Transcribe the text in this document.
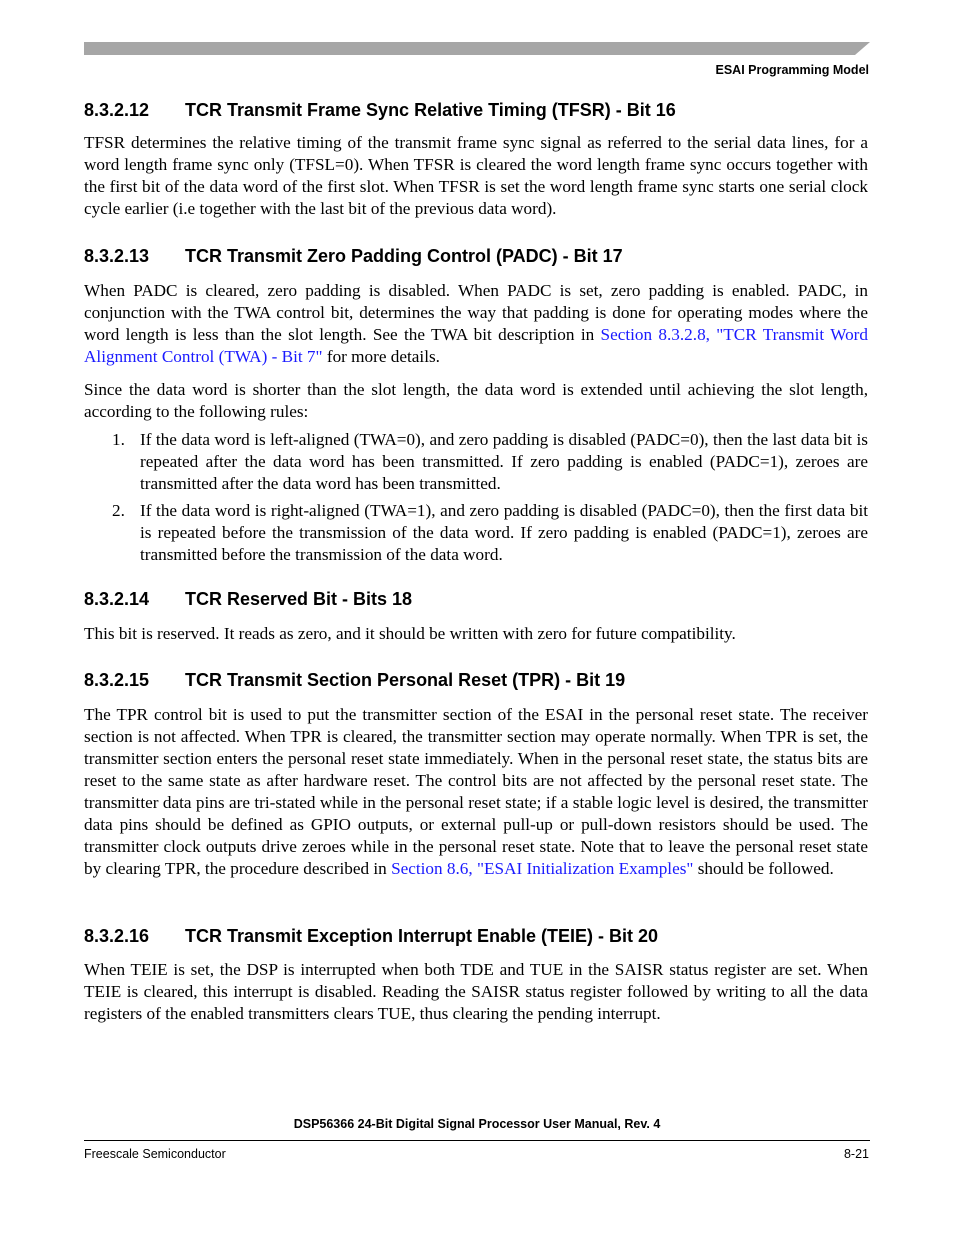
ESAI Programming Model
8.3.2.12 TCR Transmit Frame Sync Relative Timing (TFSR) - Bit 16

TFSR determines the relative timing of the transmit frame sync signal as referred to the serial data lines, for a word length frame sync only (TFSL=0). When TFSR is cleared the word length frame sync occurs together with the first bit of the data word of the first slot. When TFSR is set the word length frame sync starts one serial clock cycle earlier (i.e together with the last bit of the previous data word).

8.3.2.13 TCR Transmit Zero Padding Control (PADC) - Bit 17

When PADC is cleared, zero padding is disabled. When PADC is set, zero padding is enabled. PADC, in conjunction with the TWA control bit, determines the way that padding is done for operating modes where the word length is less than the slot length. See the TWA bit description in Section 8.3.2.8, "TCR Transmit Word Alignment Control (TWA) - Bit 7" for more details.

Since the data word is shorter than the slot length, the data word is extended until achieving the slot length, according to the following rules:

1. If the data word is left-aligned (TWA=0), and zero padding is disabled (PADC=0), then the last data bit is repeated after the data word has been transmitted. If zero padding is enabled (PADC=1), zeroes are transmitted after the data word has been transmitted.
2. If the data word is right-aligned (TWA=1), and zero padding is disabled (PADC=0), then the first data bit is repeated before the transmission of the data word. If zero padding is enabled (PADC=1), zeroes are transmitted before the transmission of the data word.
8.3.2.14 TCR Reserved Bit - Bits 18

This bit is reserved. It reads as zero, and it should be written with zero for future compatibility.

8.3.2.15 TCR Transmit Section Personal Reset (TPR) - Bit 19

The TPR control bit is used to put the transmitter section of the ESAI in the personal reset state. The receiver section is not affected. When TPR is cleared, the transmitter section may operate normally. When TPR is set, the transmitter section enters the personal reset state immediately. When in the personal reset state, the status bits are reset to the same state as after hardware reset. The control bits are not affected by the personal reset state. The transmitter data pins are tri-stated while in the personal reset state; if a stable logic level is desired, the transmitter data pins should be defined as GPIO outputs, or external pull-up or pull-down resistors should be used. The transmitter clock outputs drive zeroes while in the personal reset state. Note that to leave the personal reset state by clearing TPR, the procedure described in Section 8.6, "ESAI Initialization Examples" should be followed.

8.3.2.16 TCR Transmit Exception Interrupt Enable (TEIE) - Bit 20

When TEIE is set, the DSP is interrupted when both TDE and TUE in the SAISR status register are set. When TEIE is cleared, this interrupt is disabled. Reading the SAISR status register followed by writing to all the data registers of the enabled transmitters clears TUE, thus clearing the pending interrupt.

DSP56366 24-Bit Digital Signal Processor User Manual, Rev. 4
Freescale Semiconductor	8-21
